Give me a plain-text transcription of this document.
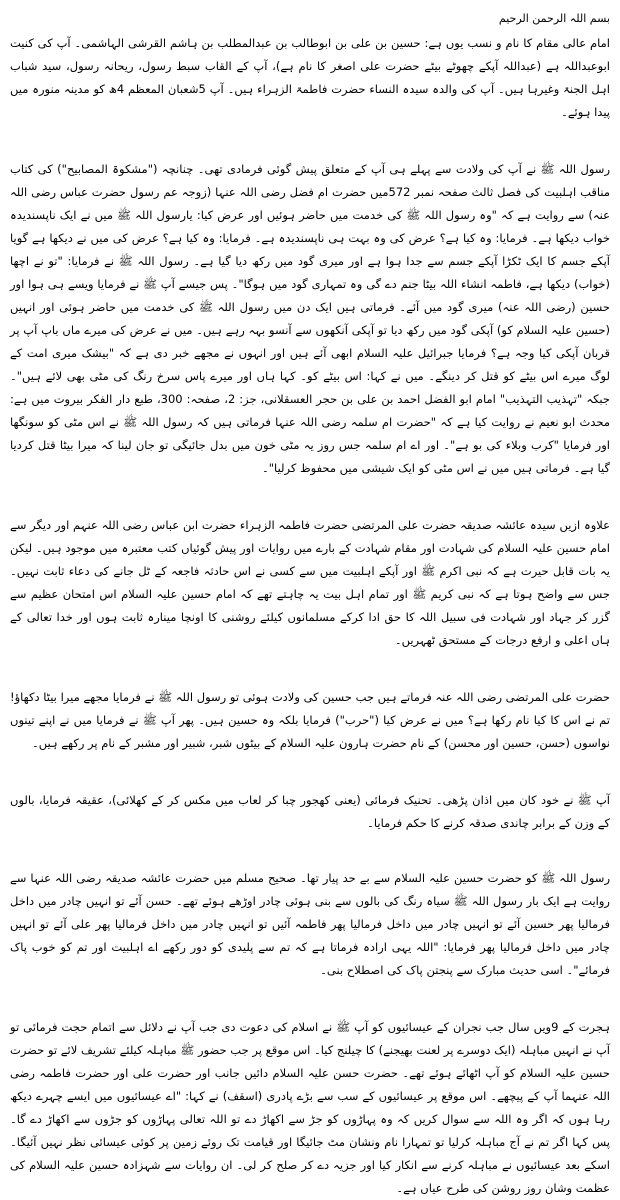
بسم اللہ الرحمن الرحیم

امام عالی مقام کا نام و نسب یوں ہے: حسین بن علی بن ابوطالب بن عبدالمطلب بن ہاشم القرشی الہاشمی۔ آپ کی کنیت ابوعبداللہ ہے (عبداللہ آپکے چھوٹے بیٹے حضرت علی اصغر کا نام ہے)، آپ کے القاب سبط رسول، ریحانہ رسول، سید شباب اہل الجنۃ وغیرہا ہیں۔ آپ کی والدہ سیدہ النساء حضرت فاطمۃ الزہراء ہیں۔ آپ 5شعبان المعظم 4ھ کو مدینہ منورہ میں پیدا ہوئے۔

رسول اللہ ﷺ نے آپ کی ولادت سے پہلے ہی آپ کے متعلق پیش گوئی فرمادی تھی۔ چنانچہ ("مشکوۃ المصابیح") کی کتاب مناقب اہلبیت کی فصل ثالث صفحہ نمبر 572میں حضرت ام فضل رضی اللہ عنہا (زوجہ عم رسول حضرت عباس رضی اللہ عنہ) سے روایت ہے کہ "وہ رسول اللہ ﷺ کی خدمت میں حاضر ہوئیں اور عرض کیا: یارسول اللہ ﷺ میں نے ایک ناپسندیدہ خواب دیکھا ہے۔ فرمایا: وہ کیا ہے؟ عرض کی وہ بہت ہی ناپسندیدہ ہے۔ فرمایا: وہ کیا ہے؟ عرض کی میں نے دیکھا ہے گویا آپکے جسم کا ایک ٹکڑا آپکے جسم سے جدا ہوا ہے اور میری گود میں رکھ دیا گیا ہے۔ رسول اللہ ﷺ نے فرمایا: "تو نے اچھا (خواب) دیکھا ہے، فاطمہ انشاء اللہ بیٹا جنم دے گی وہ تمہاری گود میں ہوگا"۔ پس جیسے آپ ﷺ نے فرمایا ویسے ہی ہوا اور حسین (رضی اللہ عنہ) میری گود میں آئے۔ فرماتی ہیں ایک دن میں رسول اللہ ﷺ کی خدمت میں حاضر ہوئی اور انہیں (حسین علیہ السلام کو) آپکی گود میں رکھ دیا تو آپکی آنکھوں سے آنسو بہہ رہے ہیں۔ میں نے عرض کی میرے ماں باپ آپ پر قربان آپکی کیا وجہ ہے؟ فرمایا جبرائیل علیہ السلام ابھی آئے ہیں اور انہوں نے مجھے خبر دی ہے کہ "بیشک میری امت کے لوگ میرے اس بیٹے کو قتل کر دینگے۔ میں نے کہا: اس بیٹے کو۔ کہا ہاں اور میرے پاس سرخ رنگ کی مٹی بھی لائے ہیں"۔ جبکہ "تہذیب التہذیب" امام ابو الفضل احمد بن علی بن حجر العسقلانی، جز: 2، صفحہ: 300، طبع دار الفکر بیروت میں ہے: محدث ابو نعیم نے روایت کیا ہے کہ "حضرت ام سلمہ رضی اللہ عنہا فرماتی ہیں کہ رسول اللہ ﷺ نے اس مٹی کو سونگھا اور فرمایا "کرب وبلاء کی بو ہے"۔ اور اے ام سلمہ جس روز یہ مٹی خون میں بدل جائیگی تو جان لینا کہ میرا بیٹا قتل کردیا گیا ہے۔ فرماتی ہیں میں نے اس مٹی کو ایک شیشی میں محفوظ کرلیا"۔

علاوہ ازیں سیدہ عائشہ صدیقہ حضرت علی المرتضی حضرت فاطمہ الزہراء حضرت ابن عباس رضی اللہ عنہم اور دیگر سے امام حسین علیہ السلام کی شہادت اور مقام شہادت کے بارے میں روایات اور پیش گوئیاں کتب معتبرہ میں موجود ہیں۔ لیکن یہ بات قابل حیرت ہے کہ نبی اکرم ﷺ اور آپکے اہلبیت میں سے کسی نے اس حادثہ فاجعہ کے ٹل جانے کی دعاء ثابت نہیں۔ جس سے واضح ہوتا ہے کہ نبی کریم ﷺ اور تمام اہل بیت یہ چاہتے تھے کہ امام حسین علیہ السلام اس امتحان عظیم سے گزر کر جہاد اور شہادت فی سبیل اللہ کا حق ادا کرکے مسلمانوں کیلئے روشنی کا اونچا مینارہ ثابت ہوں اور خدا تعالی کے ہاں اعلی و ارفع درجات کے مستحق ٹھہریں۔

حضرت علی المرتضی رضی اللہ عنہ فرماتے ہیں جب حسین کی ولادت ہوئی تو رسول اللہ ﷺ نے فرمایا مجھے میرا بیٹا دکھاؤ! تم نے اس کا کیا نام رکھا ہے؟ میں نے عرض کیا ("حرب") فرمایا بلکہ وہ حسین ہیں۔ پھر آپ ﷺ نے فرمایا میں نے اپنے تینوں نواسوں (حسن، حسین اور محسن) کے نام حضرت ہارون علیہ السلام کے بیٹوں شبر، شبیر اور مشبر کے نام پر رکھے ہیں۔

آپ ﷺ نے خود کان میں اذان پڑھی۔ تحنیک فرمائی (یعنی کھجور چبا کر لعاب میں مکس کر کے کھلائی)، عقیقہ فرمایا، بالوں کے وزن کے برابر چاندی صدقہ کرنے کا حکم فرمایا۔

رسول اللہ ﷺ کو حضرت حسین علیہ السلام سے بے حد پیار تھا۔ صحیح مسلم میں حضرت عائشہ صدیقہ رضی اللہ عنہا سے روایت ہے ایک بار رسول اللہ ﷺ سیاہ رنگ کی بالوں سے بنی ہوئی چادر اوڑھے ہوئے تھے۔ حسن آئے تو انہیں چادر میں داخل فرمالیا پھر حسین آئے تو انہیں چادر میں داخل فرمالیا پھر فاطمہ آئیں تو انہیں چادر میں داخل فرمالیا پھر علی آئے تو انہیں چادر میں داخل فرمالیا پھر فرمایا: "اللہ یہی ارادہ فرماتا ہے کہ تم سے پلیدی کو دور رکھے اے اہلبیت اور تم کو خوب پاک فرمائے"۔ اسی حدیث مبارک سے پنجتن پاک کی اصطلاح بنی۔

ہجرت کے 9ویں سال جب نجران کے عیسائیوں کو آپ ﷺ نے اسلام کی دعوت دی جب آپ نے دلائل سے اتمام حجت فرمائی تو آپ نے انہیں مباہلہ (ایک دوسرے پر لعنت بھیجنے) کا چیلنج کیا۔ اس موقع پر جب حضور ﷺ مباہلہ کیلئے تشریف لائے تو حضرت حسین علیہ السلام کو آپ اٹھائے ہوئے تھے۔ حضرت حسن علیہ السلام دائیں جانب اور حضرت علی اور حضرت فاطمہ رضی اللہ عنہما آپ کے پیچھے۔ اس موقع پر عیسائیوں کے سب سے بڑے پادری (اسقف) نے کہا: "اے عیسائیوں میں ایسے چہرے دیکھ رہا ہوں کہ اگر وہ اللہ سے سوال کریں کہ وہ پہاڑوں کو جڑ سے اکھاڑ دے تو اللہ تعالی پہاڑوں کو جڑوں سے اکھاڑ دے گا۔ پس کہا اگر تم نے آج مباہلہ کرلیا تو تمہارا نام ونشان مٹ جائیگا اور قیامت تک روئے زمین پر کوئی عیسائی نظر نہیں آئیگا۔ اسکے بعد عیسائیوں نے مباہلہ کرنے سے انکار کیا اور جزیہ دے کر صلح کر لی۔ ان روایات سے شہزادہ حسین علیہ السلام کی عظمت وشان روز روشن کی طرح عیاں ہے۔
